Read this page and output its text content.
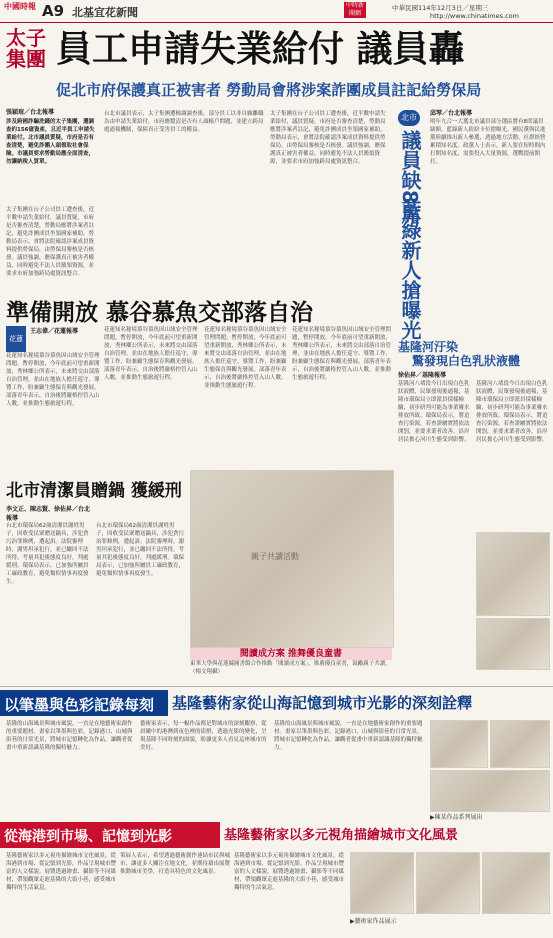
中國時報 A9 北基宜花新聞
中時新聞網
中華民國114年12月3日／星期三
http://www.chinatimes.com
太子集團 員工申請失業給付 議員轟
促北市府保護真正被害者 勞動局會將涉案詐團成員註記給勞保局
張穎瑄／台北報導
涉及跨國詐騙洗錢的太子集團，遭調查約156億資產，且近半員工申請失業給付。北市議員質疑，市府是否有查清楚，避免詐團人頭領取社會保險。市議員要求勞動局應全面清查，勿讓納稅人買單。
太子集團在台子公司員工遭查後，近半數申請失業給付，議員質疑，市府是否審查清楚，勞動局應將涉案者註記，避免詐團成員坐領國家補助。勞動局表示，會將法院確認涉案成員資料提供勞保局，由勞保局審核是否核發。議員強調，應保護真正被害者權益，同時避免不法人員濫領資源，並要求市府加強跨局處資訊整合。
台北市議員表示，太子集團遭檢調調查後，部分員工以非自願離職為由申請失業給付，市府應釐清是否有人頭帳戶問題，並建立跨局處通報機制，保障真正受害員工的權益。
太子集團在台子公司員工遭查後，近半數申請失業給付，議員質疑，市府是否審查清楚，勞動局應將涉案者註記，避免詐團成員坐領國家補助。勞動局表示，會將法院確認涉案成員資料提供勞保局，由勞保局審核是否核發。議員強調，應保護真正被害者權益，同時避免不法人員濫領資源，並要求市府加強跨局處資訊整合。
北市
議員缺8席
藍綠新人搶曝光
邱琴／台北報導
明年九合一大選北市議員部分選區將有8席議員缺額，藍綠新人紛紛卡位搶曝光。國民黨與民進黨陸續推出新人參選，透過地方活動、社群經營累積知名度。政黨人士表示，新人要在短時間內打開知名度，需要投入大量資源，選戰提前開打。
準備開放 慕谷慕魚交部落自治
花蓮
王志偉／花蓮報導
花蓮知名秘境慕谷慕魚因山域安全管理問題，暫停開放，今年底前可望重新開放，秀林鄉公所表示，未來將交由部落自治管理，並由在地族人擔任巡守、導覽工作，盼兼顧生態保育與觀光發展。部落青年表示，自治後將嚴格控管入山人數，並推動生態旅遊行程。
花蓮知名秘境慕谷慕魚因山域安全管理問題，暫停開放，今年底前可望重新開放，秀林鄉公所表示，未來將交由部落自治管理，並由在地族人擔任巡守、導覽工作，盼兼顧生態保育與觀光發展。部落青年表示，自治後將嚴格控管入山人數，並推動生態旅遊行程。
花蓮知名秘境慕谷慕魚因山域安全管理問題，暫停開放，今年底前可望重新開放，秀林鄉公所表示，未來將交由部落自治管理，並由在地族人擔任巡守、導覽工作，盼兼顧生態保育與觀光發展。部落青年表示，自治後將嚴格控管入山人數，並推動生態旅遊行程。
花蓮知名秘境慕谷慕魚因山域安全管理問題，暫停開放，今年底前可望重新開放，秀林鄉公所表示，未來將交由部落自治管理，並由在地族人擔任巡守、導覽工作，盼兼顧生態保育與觀光發展。部落青年表示，自治後將嚴格控管入山人數，並推動生態旅遊行程。
基隆河汙染
驚發現白色乳狀液體
徐佑昇／基隆報導
基隆河八堵段今日出現白色乳狀液體，民眾發現後通報，基隆市環保局立即派員採樣檢驗，初步研判可能為事業廢水排放所致。環保局表示，將追查污染源，若查證屬實將依法開罰，並要求業者改善。沿岸居民擔心河川生態受到影響。
基隆河八堵段今日出現白色乳狀液體，民眾發現後通報，基隆市環保局立即派員採樣檢驗，初步研判可能為事業廢水排放所致。環保局表示，將追查污染源，若查證屬實將依法開罰，並要求業者改善。沿岸居民擔心河川生態受到影響。
北市清潔員贈鍋 獲緩刑
李文正、陳志賢、徐佑昇／台北報導
台北市環保局62歲清潔員謝姓男子，因收受民眾贈送鍋具，涉犯貪污治罪條例，遭起訴。法院審理時，謝男坦承犯行，並已繳回不法所得，考量其犯後態度良好，判處緩刑。環保局表示，已加強所屬員工廉政教育，避免類似情事再度發生。
台北市環保局62歲清潔員謝姓男子，因收受民眾贈送鍋具，涉犯貪污治罪條例，遭起訴。法院審理時，謝男坦承犯行，並已繳回不法所得，考量其犯後態度良好，判處緩刑。環保局表示，已加強所屬員工廉政教育，避免類似情事再度發生。
親子共讀活動
閱讀成方案 推舞優良童書
東華大學與花蓮縣圖書館合作推動「閱讀成方案」，推薦優良童書，鼓勵親子共讀。（楊文翔攝）
以筆墨與色彩記錄每刻 基隆藝術家從山海記憶到城市光影的深刻詮釋
基隆的山海風景與城市風貌，一直是在地藝術家創作的重要題材。畫家以筆墨與色彩，記錄港口、山城與街巷的日常光景，將城市記憶轉化為作品，讓觀者從畫中重新認識基隆的獨特魅力。
藝術家表示，每一幅作品都是對城市的深刻觀察，從晨曦中的港灣到夜色裡的街燈，透過光影的變化，呈現基隆不同時刻的面貌，盼讓更多人看見這座城市的美好。
基隆的山海風景與城市風貌，一直是在地藝術家創作的重要題材。畫家以筆墨與色彩，記錄港口、山城與街巷的日常光景，將城市記憶轉化為作品，讓觀者從畫中重新認識基隆的獨特魅力。
▶陳某作品系列展出
從海港到市場、記憶到光影	基隆藝術家以多元視角描繪城市文化風景
基隆藝術家以多元視角描繪城市文化風景，從海港到市場、從記憶到光影，作品呈現城市豐富的人文樣貌。展覽透過繪畫、攝影等不同媒材，帶領觀眾走進基隆的大街小巷，感受城市獨特的生活氣息。
策展人表示，希望透過藝術創作連結市民與城市，讓更多人關注在地文化，並期待藉由展覽推動城市美學，打造具特色的文化風景。
基隆藝術家以多元視角描繪城市文化風景，從海港到市場、從記憶到光影，作品呈現城市豐富的人文樣貌。展覽透過繪畫、攝影等不同媒材，帶領觀眾走進基隆的大街小巷，感受城市獨特的生活氣息。
▶藝術家作品展示
